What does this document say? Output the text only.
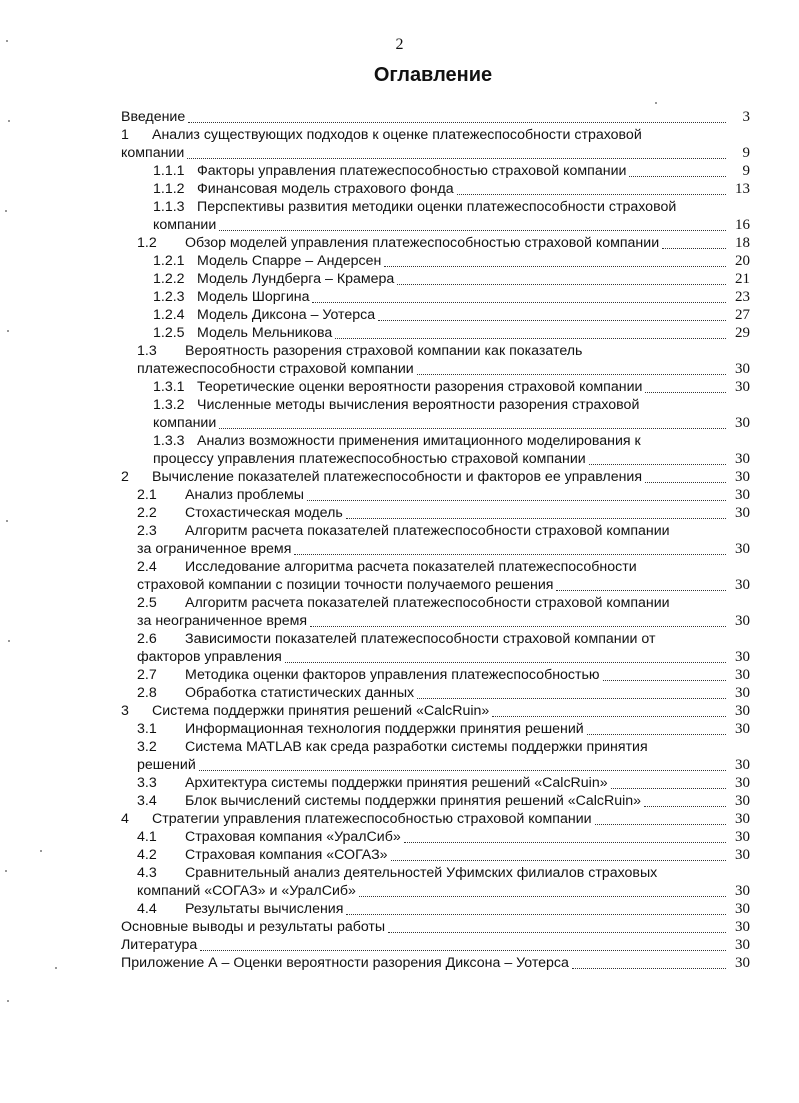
2
Оглавление
Введение	3
1 Анализ существующих подходов к оценке платежеспособности страховой
компании	9
1.1.1 Факторы управления платежеспособностью страховой компании	9
1.1.2 Финансовая модель страхового фонда	13
1.1.3 Перспективы развития методики оценки платежеспособности страховой
компании	16
1.2 Обзор моделей управления платежеспособностью страховой компании	18
1.2.1 Модель Спарре – Андерсен	20
1.2.2 Модель Лундберга – Крамера	21
1.2.3 Модель Шоргина	23
1.2.4 Модель Диксона – Уотерса	27
1.2.5 Модель Мельникова	29
1.3 Вероятность разорения страховой компании как показатель
платежеспособности страховой компании	30
1.3.1 Теоретические оценки вероятности разорения страховой компании	30
1.3.2 Численные методы вычисления вероятности разорения страховой
компании	30
1.3.3 Анализ возможности применения имитационного моделирования к
процессу управления платежеспособностью страховой компании	30
2 Вычисление показателей платежеспособности и факторов ее управления	30
2.1 Анализ проблемы	30
2.2 Стохастическая модель	30
2.3 Алгоритм расчета показателей платежеспособности страховой компании
за ограниченное время	30
2.4 Исследование алгоритма расчета показателей платежеспособности
страховой компании с позиции точности получаемого решения	30
2.5 Алгоритм расчета показателей платежеспособности страховой компании
за неограниченное время	30
2.6 Зависимости показателей платежеспособности страховой компании от
факторов управления	30
2.7 Методика оценки факторов управления платежеспособностью	30
2.8 Обработка статистических данных	30
3 Система поддержки принятия решений «CalcRuin»	30
3.1 Информационная технология поддержки принятия решений	30
3.2 Система MATLAB как среда разработки системы поддержки принятия
решений	30
3.3 Архитектура системы поддержки принятия решений «CalcRuin»	30
3.4 Блок вычислений системы поддержки принятия решений «CalcRuin»	30
4 Стратегии управления платежеспособностью страховой компании	30
4.1 Страховая компания «УралСиб»	30
4.2 Страховая компания «СОГАЗ»	30
4.3 Сравнительный анализ деятельностей Уфимских филиалов страховых
компаний «СОГАЗ» и «УралСиб»	30
4.4 Результаты вычисления	30
Основные выводы и результаты работы	30
Литература	30
Приложение А – Оценки вероятности разорения Диксона – Уотерса	30
